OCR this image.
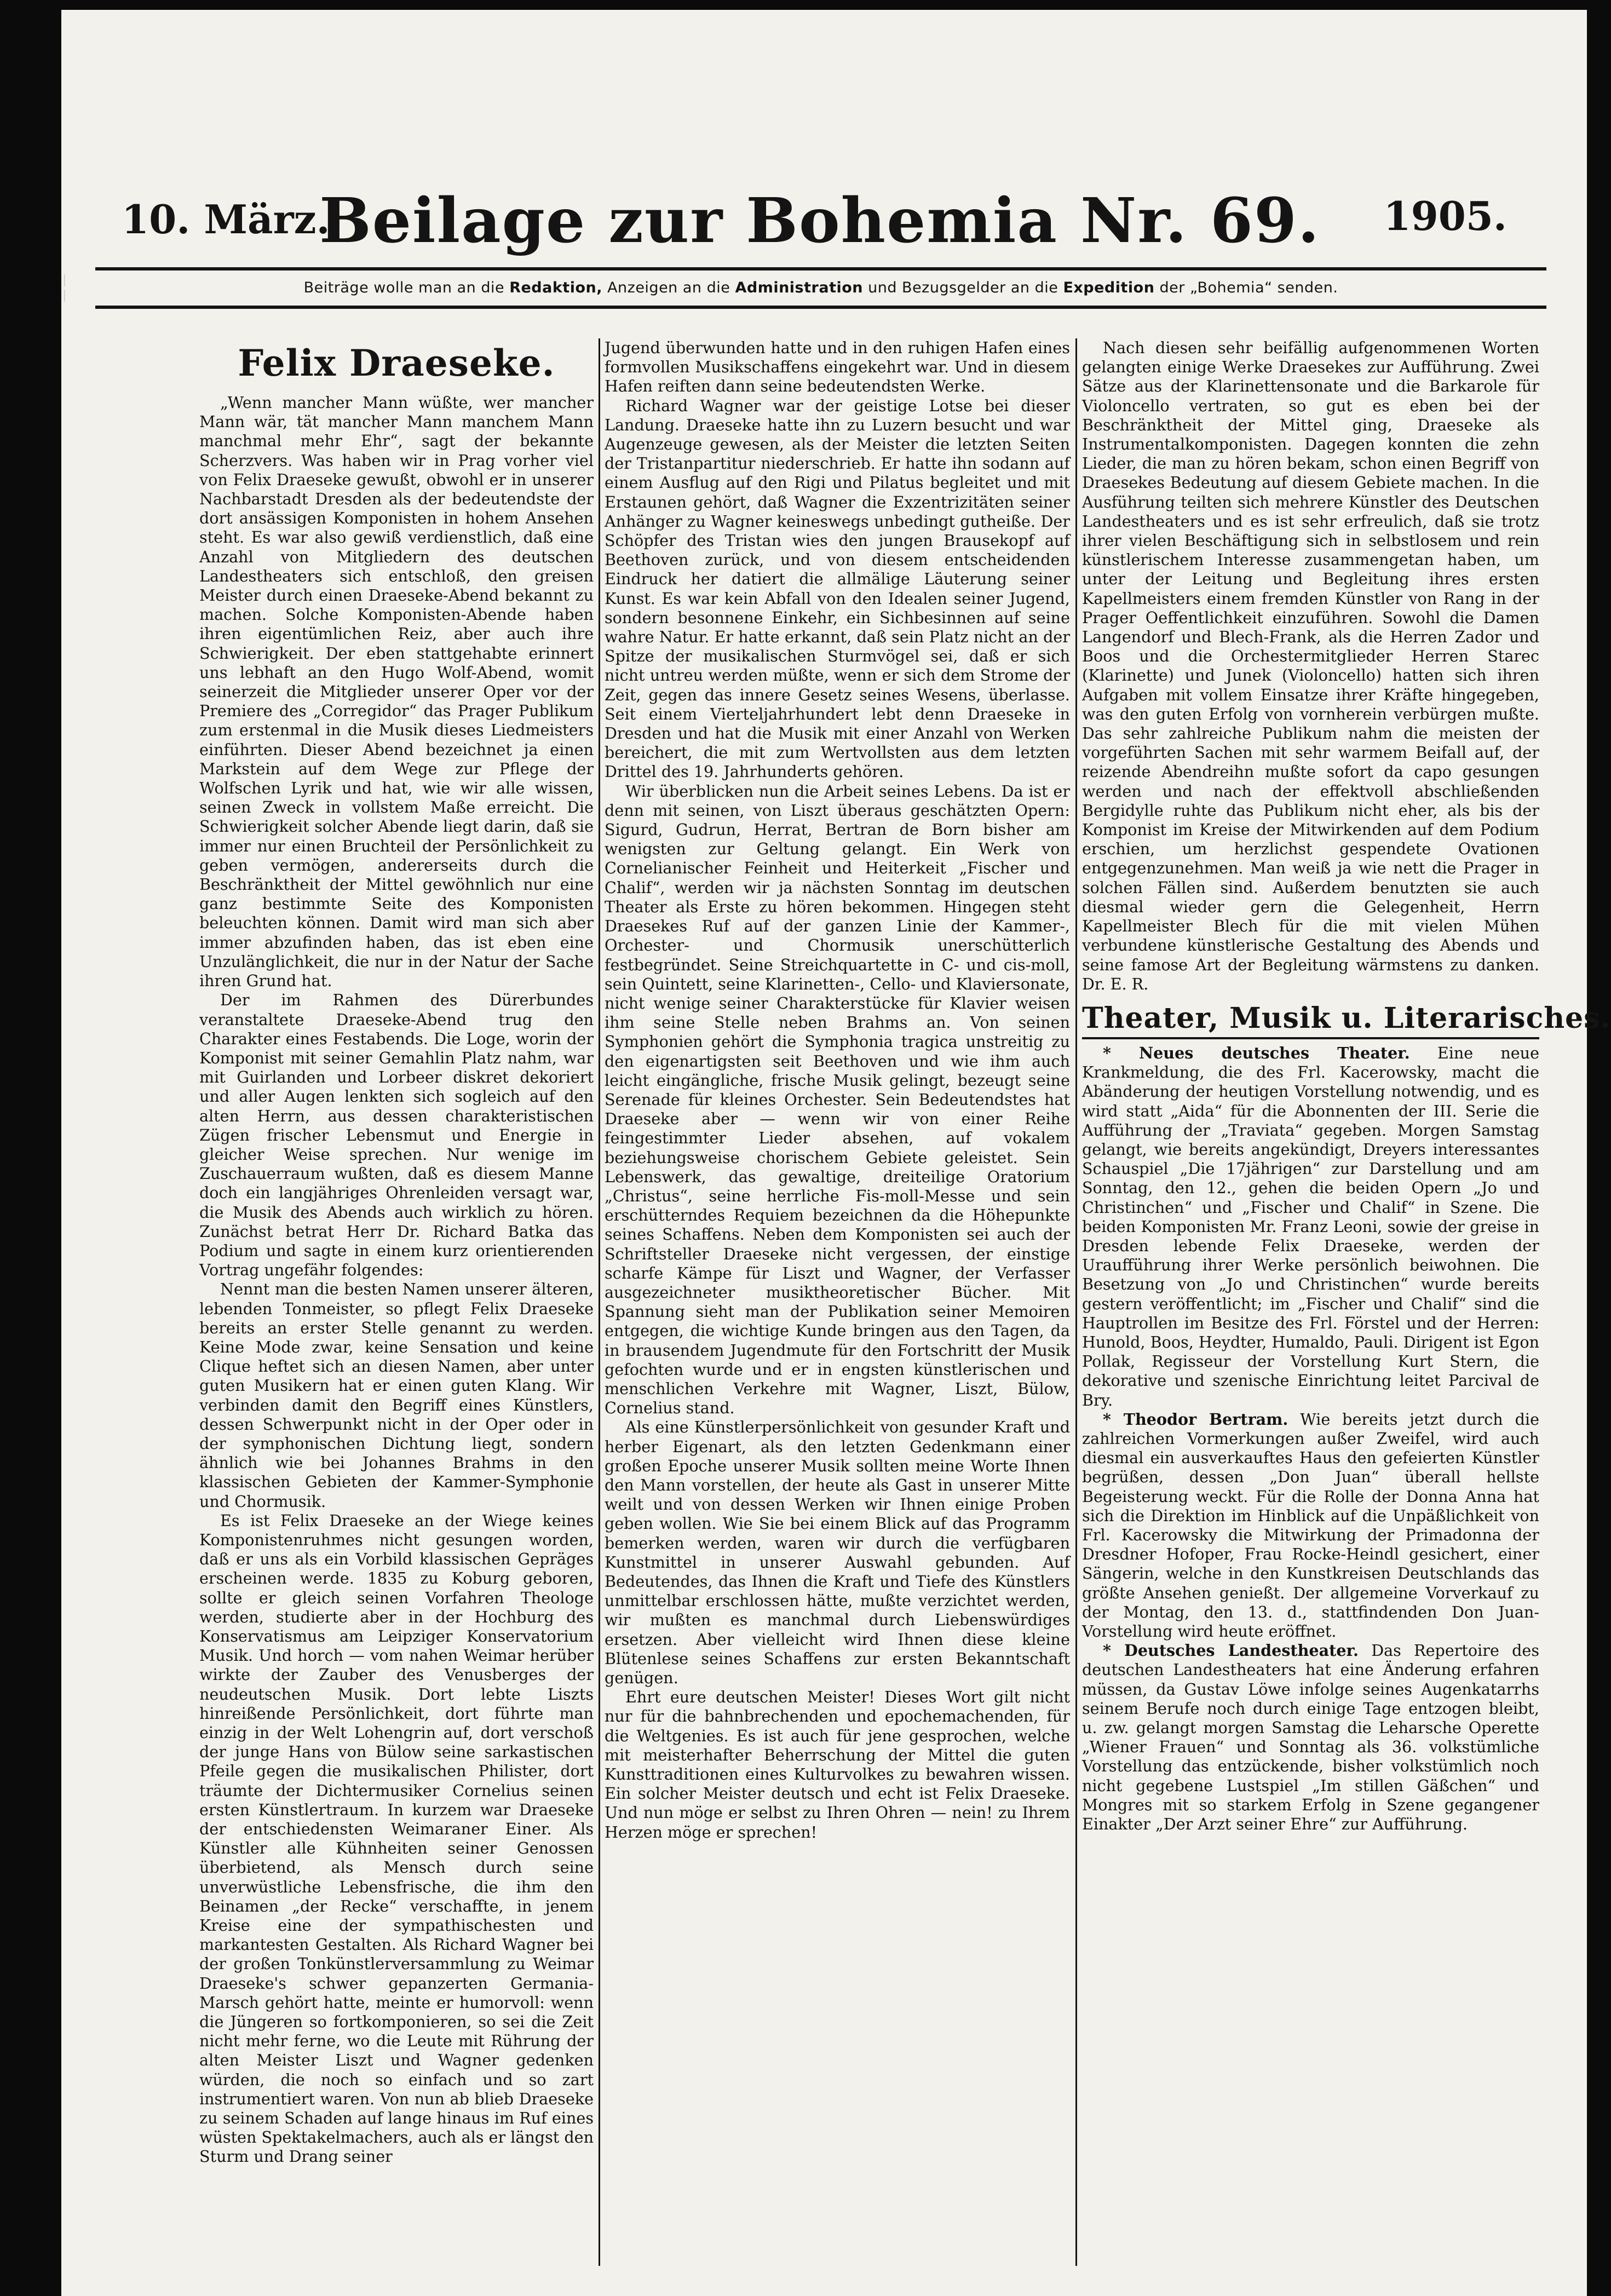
| |
10. März.
Beilage zur Bohemia Nr. 69.	1905.
Beiträge wolle man an die Redaktion, Anzeigen an die Administration und Bezugsgelder an die Expedition der „Bohemia“ senden.
Felix Draeseke.

„Wenn mancher Mann wüßte, wer mancher Mann wär, tät mancher Mann manchem Mann manchmal mehr Ehr“, sagt der bekannte Scherzvers. Was haben wir in Prag vorher viel von Felix Draeseke gewußt, obwohl er in unserer Nachbarstadt Dresden als der bedeutendste der dort ansässigen Komponisten in hohem Ansehen steht. Es war also gewiß verdienstlich, daß eine Anzahl von Mitgliedern des deutschen Landestheaters sich entschloß, den greisen Meister durch einen Draeseke-Abend bekannt zu machen. Solche Komponisten-Abende haben ihren eigentümlichen Reiz, aber auch ihre Schwierigkeit. Der eben stattgehabte erinnert uns lebhaft an den Hugo Wolf-Abend, womit seinerzeit die Mitglieder unserer Oper vor der Premiere des „Corregidor“ das Prager Publikum zum erstenmal in die Musik dieses Liedmeisters einführten. Dieser Abend bezeichnet ja einen Markstein auf dem Wege zur Pflege der Wolfschen Lyrik und hat, wie wir alle wissen, seinen Zweck in vollstem Maße erreicht. Die Schwierigkeit solcher Abende liegt darin, daß sie immer nur einen Bruchteil der Persönlichkeit zu geben vermögen, andererseits durch die Beschränktheit der Mittel gewöhnlich nur eine ganz bestimmte Seite des Komponisten beleuchten können. Damit wird man sich aber immer abzufinden haben, das ist eben eine Unzulänglichkeit, die nur in der Natur der Sache ihren Grund hat.

Der im Rahmen des Dürerbundes veranstaltete Draeseke-Abend trug den Charakter eines Festabends. Die Loge, worin der Komponist mit seiner Gemahlin Platz nahm, war mit Guirlanden und Lorbeer diskret dekoriert und aller Augen lenkten sich sogleich auf den alten Herrn, aus dessen charakteristischen Zügen frischer Lebensmut und Energie in gleicher Weise sprechen. Nur wenige im Zuschauerraum wußten, daß es diesem Manne doch ein langjähriges Ohrenleiden versagt war, die Musik des Abends auch wirklich zu hören. Zunächst betrat Herr Dr. Richard Batka das Podium und sagte in einem kurz orientierenden Vortrag ungefähr folgendes:

Nennt man die besten Namen unserer älteren, lebenden Tonmeister, so pflegt Felix Draeseke bereits an erster Stelle genannt zu werden. Keine Mode zwar, keine Sensation und keine Clique heftet sich an diesen Namen, aber unter guten Musikern hat er einen guten Klang. Wir verbinden damit den Begriff eines Künstlers, dessen Schwerpunkt nicht in der Oper oder in der symphonischen Dichtung liegt, sondern ähnlich wie bei Johannes Brahms in den klassischen Gebieten der Kammer-Symphonie und Chormusik.

Es ist Felix Draeseke an der Wiege keines Komponistenruhmes nicht gesungen worden, daß er uns als ein Vorbild klassischen Gepräges erscheinen werde. 1835 zu Koburg geboren, sollte er gleich seinen Vorfahren Theologe werden, studierte aber in der Hochburg des Konservatismus am Leipziger Konservatorium Musik. Und horch — vom nahen Weimar herüber wirkte der Zauber des Venusberges der neudeutschen Musik. Dort lebte Liszts hinreißende Persönlichkeit, dort führte man einzig in der Welt Lohengrin auf, dort verschoß der junge Hans von Bülow seine sarkastischen Pfeile gegen die musikalischen Philister, dort träumte der Dichtermusiker Cornelius seinen ersten Künstlertraum. In kurzem war Draeseke der entschiedensten Weimaraner Einer. Als Künstler alle Kühnheiten seiner Genossen überbietend, als Mensch durch seine unverwüstliche Lebensfrische, die ihm den Beinamen „der Recke“ verschaffte, in jenem Kreise eine der sympathischesten und markantesten Gestalten. Als Richard Wagner bei der großen Tonkünstlerversammlung zu Weimar Draeseke's schwer gepanzerten Germania-Marsch gehört hatte, meinte er humorvoll: wenn die Jüngeren so fortkomponieren, so sei die Zeit nicht mehr ferne, wo die Leute mit Rührung der alten Meister Liszt und Wagner gedenken würden, die noch so einfach und so zart instrumentiert waren. Von nun ab blieb Draeseke zu seinem Schaden auf lange hinaus im Ruf eines wüsten Spektakelmachers, auch als er längst den Sturm und Drang seiner

Jugend überwunden hatte und in den ruhigen Hafen eines formvollen Musikschaffens eingekehrt war. Und in diesem Hafen reiften dann seine bedeutendsten Werke.

Richard Wagner war der geistige Lotse bei dieser Landung. Draeseke hatte ihn zu Luzern besucht und war Augenzeuge gewesen, als der Meister die letzten Seiten der Tristanpartitur niederschrieb. Er hatte ihn sodann auf einem Ausflug auf den Rigi und Pilatus begleitet und mit Erstaunen gehört, daß Wagner die Exzentrizitäten seiner Anhänger zu Wagner keineswegs unbedingt gutheiße. Der Schöpfer des Tristan wies den jungen Brausekopf auf Beethoven zurück, und von diesem entscheidenden Eindruck her datiert die allmälige Läuterung seiner Kunst. Es war kein Abfall von den Idealen seiner Jugend, sondern besonnene Einkehr, ein Sichbesinnen auf seine wahre Natur. Er hatte erkannt, daß sein Platz nicht an der Spitze der musikalischen Sturmvögel sei, daß er sich nicht untreu werden müßte, wenn er sich dem Strome der Zeit, gegen das innere Gesetz seines Wesens, überlasse. Seit einem Vierteljahrhundert lebt denn Draeseke in Dresden und hat die Musik mit einer Anzahl von Werken bereichert, die mit zum Wertvollsten aus dem letzten Drittel des 19. Jahrhunderts gehören.

Wir überblicken nun die Arbeit seines Lebens. Da ist er denn mit seinen, von Liszt überaus geschätzten Opern: Sigurd, Gudrun, Herrat, Bertran de Born bisher am wenigsten zur Geltung gelangt. Ein Werk von Cornelianischer Feinheit und Heiterkeit „Fischer und Chalif“, werden wir ja nächsten Sonntag im deutschen Theater als Erste zu hören bekommen. Hingegen steht Draesekes Ruf auf der ganzen Linie der Kammer-, Orchester- und Chormusik unerschütterlich festbegründet. Seine Streichquartette in C- und cis-moll, sein Quintett, seine Klarinetten-, Cello- und Klaviersonate, nicht wenige seiner Charakterstücke für Klavier weisen ihm seine Stelle neben Brahms an. Von seinen Symphonien gehört die Symphonia tragica unstreitig zu den eigenartigsten seit Beethoven und wie ihm auch leicht eingängliche, frische Musik gelingt, bezeugt seine Serenade für kleines Orchester. Sein Bedeutendstes hat Draeseke aber — wenn wir von einer Reihe feingestimmter Lieder absehen, auf vokalem beziehungsweise chorischem Gebiete geleistet. Sein Lebenswerk, das gewaltige, dreiteilige Oratorium „Christus“, seine herrliche Fis-moll-Messe und sein erschütterndes Requiem bezeichnen da die Höhepunkte seines Schaffens. Neben dem Komponisten sei auch der Schriftsteller Draeseke nicht vergessen, der einstige scharfe Kämpe für Liszt und Wagner, der Verfasser ausgezeichneter musiktheoretischer Bücher. Mit Spannung sieht man der Publikation seiner Memoiren entgegen, die wichtige Kunde bringen aus den Tagen, da in brausendem Jugendmute für den Fortschritt der Musik gefochten wurde und er in engsten künstlerischen und menschlichen Verkehre mit Wagner, Liszt, Bülow, Cornelius stand.

Als eine Künstlerpersönlichkeit von gesunder Kraft und herber Eigenart, als den letzten Gedenkmann einer großen Epoche unserer Musik sollten meine Worte Ihnen den Mann vorstellen, der heute als Gast in unserer Mitte weilt und von dessen Werken wir Ihnen einige Proben geben wollen. Wie Sie bei einem Blick auf das Programm bemerken werden, waren wir durch die verfügbaren Kunstmittel in unserer Auswahl gebunden. Auf Bedeutendes, das Ihnen die Kraft und Tiefe des Künstlers unmittelbar erschlossen hätte, mußte verzichtet werden, wir mußten es manchmal durch Liebenswürdiges ersetzen. Aber vielleicht wird Ihnen diese kleine Blütenlese seines Schaffens zur ersten Bekanntschaft genügen.

Ehrt eure deutschen Meister! Dieses Wort gilt nicht nur für die bahnbrechenden und epochemachenden, für die Weltgenies. Es ist auch für jene gesprochen, welche mit meisterhafter Beherrschung der Mittel die guten Kunsttraditionen eines Kulturvolkes zu bewahren wissen. Ein solcher Meister deutsch und echt ist Felix Draeseke. Und nun möge er selbst zu Ihren Ohren — nein! zu Ihrem Herzen möge er sprechen!

Nach diesen sehr beifällig aufgenommenen Worten gelangten einige Werke Draesekes zur Aufführung. Zwei Sätze aus der Klarinettensonate und die Barkarole für Violoncello vertraten, so gut es eben bei der Beschränktheit der Mittel ging, Draeseke als Instrumentalkomponisten. Dagegen konnten die zehn Lieder, die man zu hören bekam, schon einen Begriff von Draesekes Bedeutung auf diesem Gebiete machen. In die Ausführung teilten sich mehrere Künstler des Deutschen Landestheaters und es ist sehr erfreulich, daß sie trotz ihrer vielen Beschäftigung sich in selbstlosem und rein künstlerischem Interesse zusammengetan haben, um unter der Leitung und Begleitung ihres ersten Kapellmeisters einem fremden Künstler von Rang in der Prager Oeffentlichkeit einzuführen. Sowohl die Damen Langendorf und Blech-Frank, als die Herren Zador und Boos und die Orchestermitglieder Herren Starec (Klarinette) und Junek (Violoncello) hatten sich ihren Aufgaben mit vollem Einsatze ihrer Kräfte hingegeben, was den guten Erfolg von vornherein verbürgen mußte. Das sehr zahlreiche Publikum nahm die meisten der vorgeführten Sachen mit sehr warmem Beifall auf, der reizende Abendreihn mußte sofort da capo gesungen werden und nach der effektvoll abschließenden Bergidylle ruhte das Publikum nicht eher, als bis der Komponist im Kreise der Mitwirkenden auf dem Podium erschien, um herzlichst gespendete Ovationen entgegenzunehmen. Man weiß ja wie nett die Prager in solchen Fällen sind. Außerdem benutzten sie auch diesmal wieder gern die Gelegenheit, Herrn Kapellmeister Blech für die mit vielen Mühen verbundene künstlerische Gestaltung des Abends und seine famose Art der Begleitung wärmstens zu danken. Dr. E. R.

Theater, Musik u. Literarisches.

* Neues deutsches Theater. Eine neue Krankmeldung, die des Frl. Kacerowsky, macht die Abänderung der heutigen Vorstellung notwendig, und es wird statt „Aida“ für die Abonnenten der III. Serie die Aufführung der „Traviata“ gegeben. Morgen Samstag gelangt, wie bereits angekündigt, Dreyers interessantes Schauspiel „Die 17jährigen“ zur Darstellung und am Sonntag, den 12., gehen die beiden Opern „Jo und Christinchen“ und „Fischer und Chalif“ in Szene. Die beiden Komponisten Mr. Franz Leoni, sowie der greise in Dresden lebende Felix Draeseke, werden der Uraufführung ihrer Werke persönlich beiwohnen. Die Besetzung von „Jo und Christinchen“ wurde bereits gestern veröffentlicht; im „Fischer und Chalif“ sind die Hauptrollen im Besitze des Frl. Förstel und der Herren: Hunold, Boos, Heydter, Humaldo, Pauli. Dirigent ist Egon Pollak, Regisseur der Vorstellung Kurt Stern, die dekorative und szenische Einrichtung leitet Parcival de Bry.

* Theodor Bertram. Wie bereits jetzt durch die zahlreichen Vormerkungen außer Zweifel, wird auch diesmal ein ausverkauftes Haus den gefeierten Künstler begrüßen, dessen „Don Juan“ überall hellste Begeisterung weckt. Für die Rolle der Donna Anna hat sich die Direktion im Hinblick auf die Unpäßlichkeit von Frl. Kacerowsky die Mitwirkung der Primadonna der Dresdner Hofoper, Frau Rocke-Heindl gesichert, einer Sängerin, welche in den Kunstkreisen Deutschlands das größte Ansehen genießt. Der allgemeine Vorverkauf zu der Montag, den 13. d., stattfindenden Don Juan-Vorstellung wird heute eröffnet.

* Deutsches Landestheater. Das Repertoire des deutschen Landestheaters hat eine Änderung erfahren müssen, da Gustav Löwe infolge seines Augenkatarrhs seinem Berufe noch durch einige Tage entzogen bleibt, u. zw. gelangt morgen Samstag die Leharsche Operette „Wiener Frauen“ und Sonntag als 36. volkstümliche Vorstellung das entzückende, bisher volkstümlich noch nicht gegebene Lustspiel „Im stillen Gäßchen“ und Mongres mit so starkem Erfolg in Szene gegangener Einakter „Der Arzt seiner Ehre“ zur Aufführung.
